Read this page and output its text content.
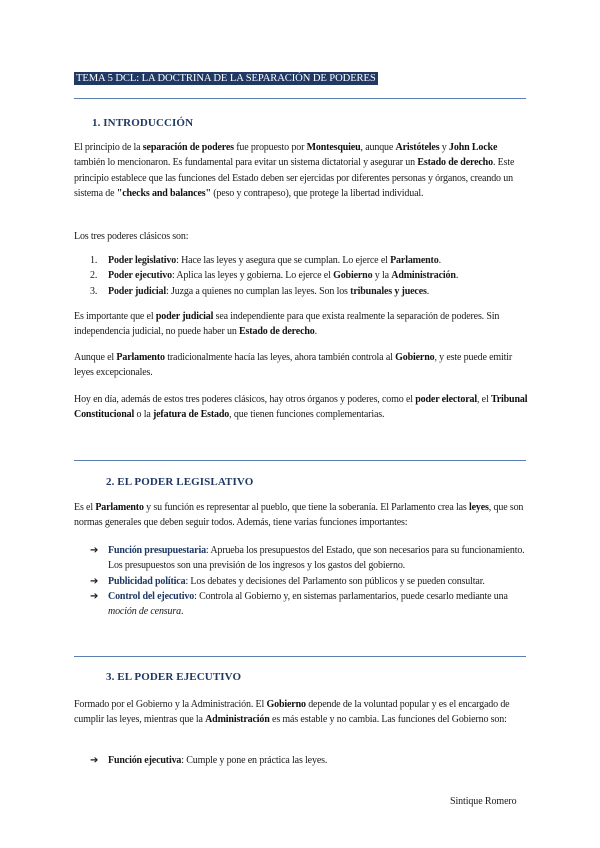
TEMA 5 DCL: LA DOCTRINA DE LA SEPARACIÓN DE PODERES
1. INTRODUCCIÓN
El principio de la separación de poderes fue propuesto por Montesquieu, aunque Aristóteles y John Locke también lo mencionaron. Es fundamental para evitar un sistema dictatorial y asegurar un Estado de derecho. Este principio establece que las funciones del Estado deben ser ejercidas por diferentes personas y órganos, creando un sistema de "checks and balances" (peso y contrapeso), que protege la libertad individual.
Los tres poderes clásicos son:
1. Poder legislativo: Hace las leyes y asegura que se cumplan. Lo ejerce el Parlamento.
2. Poder ejecutivo: Aplica las leyes y gobierna. Lo ejerce el Gobierno y la Administración.
3. Poder judicial: Juzga a quienes no cumplan las leyes. Son los tribunales y jueces.
Es importante que el poder judicial sea independiente para que exista realmente la separación de poderes. Sin independencia judicial, no puede haber un Estado de derecho.
Aunque el Parlamento tradicionalmente hacía las leyes, ahora también controla al Gobierno, y este puede emitir leyes excepcionales.
Hoy en día, además de estos tres poderes clásicos, hay otros órganos y poderes, como el poder electoral, el Tribunal Constitucional o la jefatura de Estado, que tienen funciones complementarias.
2. EL PODER LEGISLATIVO
Es el Parlamento y su función es representar al pueblo, que tiene la soberanía. El Parlamento crea las leyes, que son normas generales que deben seguir todos. Además, tiene varias funciones importantes:
➔ Función presupuestaria: Aprueba los presupuestos del Estado, que son necesarios para su funcionamiento. Los presupuestos son una previsión de los ingresos y los gastos del gobierno.
➔ Publicidad política: Los debates y decisiones del Parlamento son públicos y se pueden consultar.
➔ Control del ejecutivo: Controla al Gobierno y, en sistemas parlamentarios, puede cesarlo mediante una moción de censura.
3. EL PODER EJECUTIVO
Formado por el Gobierno y la Administración. El Gobierno depende de la voluntad popular y es el encargado de cumplir las leyes, mientras que la Administración es más estable y no cambia. Las funciones del Gobierno son:
➔ Función ejecutiva: Cumple y pone en práctica las leyes.
Sintique Romero
